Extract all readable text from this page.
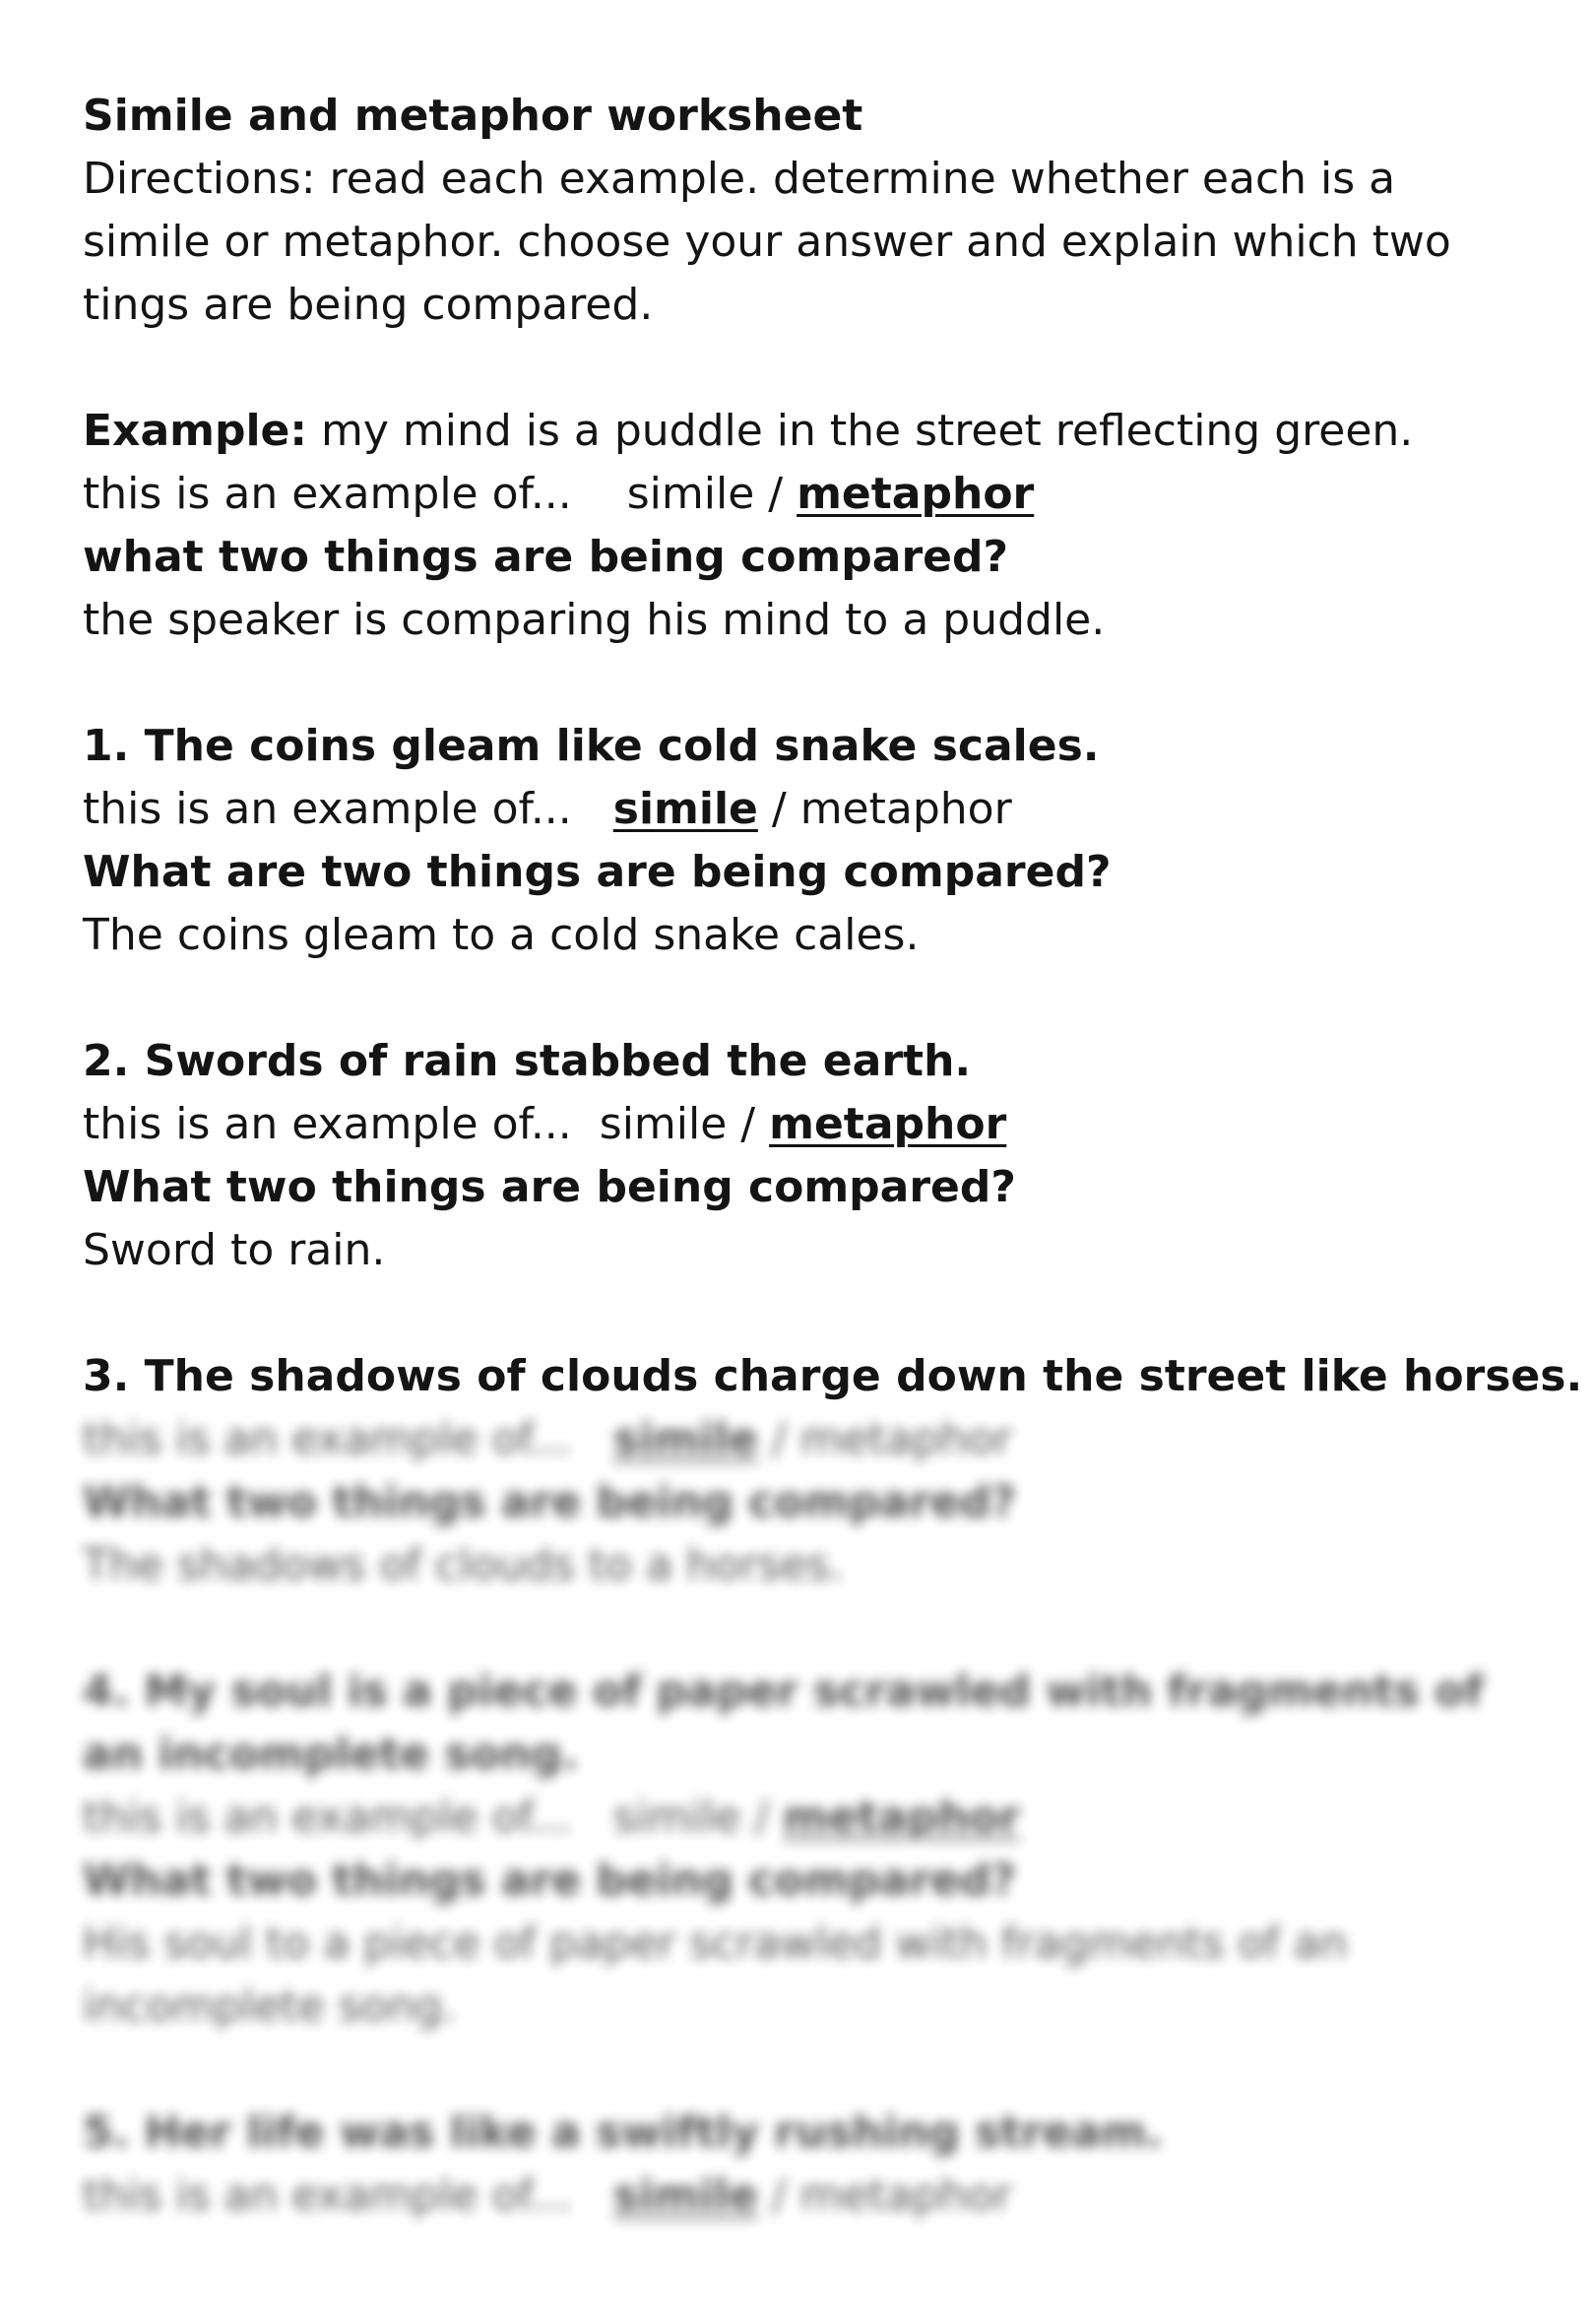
Simile and metaphor worksheet

Directions: read each example. determine whether each is a simile or metaphor. choose your answer and explain which two tings are being compared.

Example: my mind is a puddle in the street reflecting green.

this is an example of... simile / metaphor

what two things are being compared?

the speaker is comparing his mind to a puddle.

1. The coins gleam like cold snake scales.

this is an example of... simile / metaphor

What are two things are being compared?

The coins gleam to a cold snake cales.

2. Swords of rain stabbed the earth.

this is an example of... simile / metaphor

What two things are being compared?

Sword to rain.

3. The shadows of clouds charge down the street like horses.

this is an example of... simile / metaphor

What two things are being compared?

The shadows of clouds to a horses.

4. My soul is a piece of paper scrawled with fragments of an incomplete song.

this is an example of... simile / metaphor

What two things are being compared?

His soul to a piece of paper scrawled with fragments of an incomplete song.

5. Her life was like a swiftly rushing stream.

this is an example of... simile / metaphor
